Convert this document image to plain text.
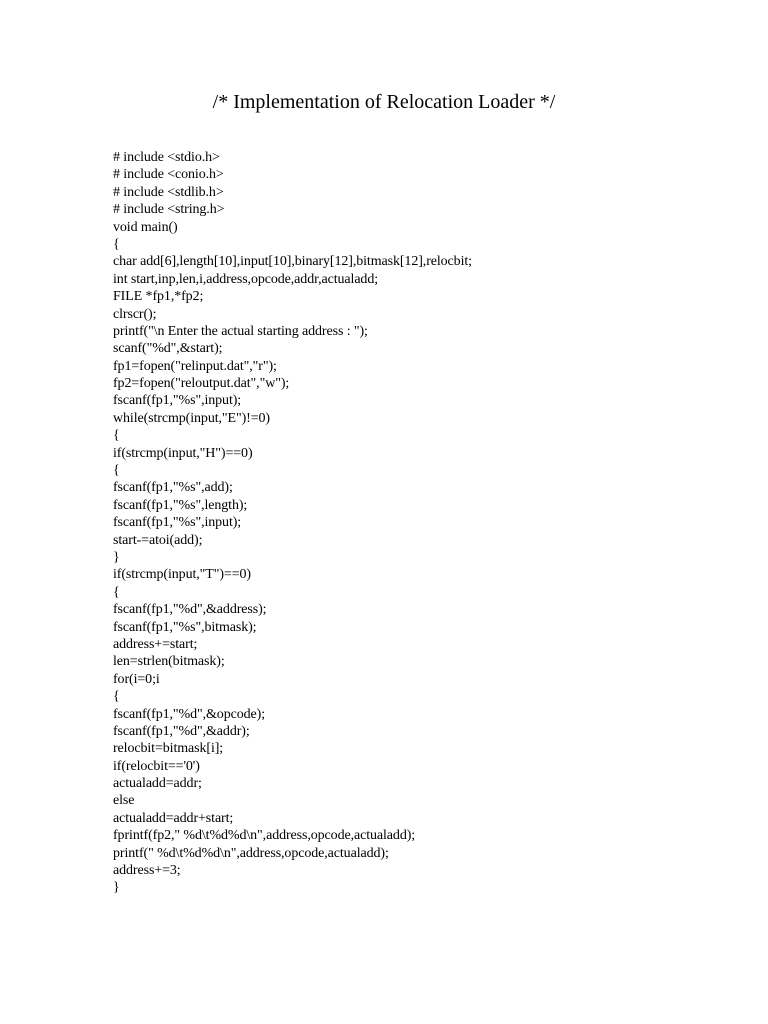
/* Implementation of Relocation Loader */
# include <stdio.h>
# include <conio.h>
# include <stdlib.h>
# include <string.h>
void main()
{
char add[6],length[10],input[10],binary[12],bitmask[12],relocbit;
int start,inp,len,i,address,opcode,addr,actualadd;
FILE *fp1,*fp2;
clrscr();
printf("\n Enter the actual starting address : ");
scanf("%d",&start);
fp1=fopen("relinput.dat","r");
fp2=fopen("reloutput.dat","w");
fscanf(fp1,"%s",input);
while(strcmp(input,"E")!=0)
{
if(strcmp(input,"H")==0)
{
fscanf(fp1,"%s",add);
fscanf(fp1,"%s",length);
fscanf(fp1,"%s",input);
start-=atoi(add);
}
if(strcmp(input,"T")==0)
{
fscanf(fp1,"%d",&address);
fscanf(fp1,"%s",bitmask);
address+=start;
len=strlen(bitmask);
for(i=0;i
{
fscanf(fp1,"%d",&opcode);
fscanf(fp1,"%d",&addr);
relocbit=bitmask[i];
if(relocbit=='0')
actualadd=addr;
else
actualadd=addr+start;
fprintf(fp2," %d\t%d%d\n",address,opcode,actualadd);
printf(" %d\t%d%d\n",address,opcode,actualadd);
address+=3;
}
